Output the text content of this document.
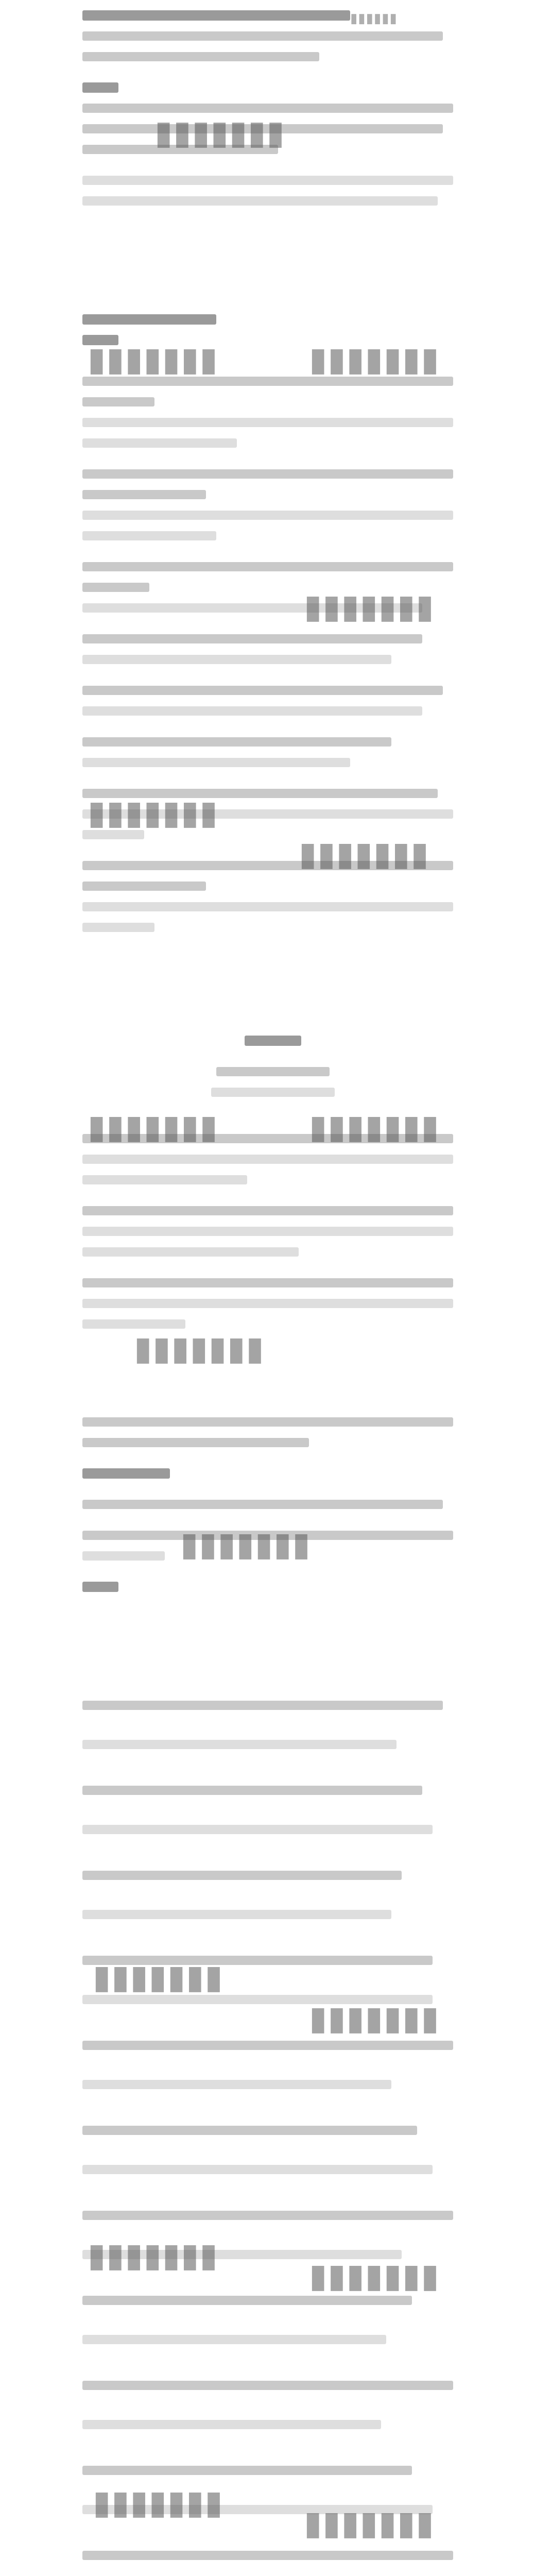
▮▮▮▮▮▮▮
▮▮▮▮▮▮
▮▮▮▮▮▮▮	▮▮▮▮▮▮▮
▮▮▮▮▮▮▮
▮▮▮▮▮▮▮
▮▮▮▮▮▮▮
▮▮▮▮▮▮▮	▮▮▮▮▮▮▮
▮▮▮▮▮▮▮
▮▮▮▮▮▮▮
▮▮▮▮▮▮▮
▮▮▮▮▮▮▮
▮▮▮▮▮▮▮
▮▮▮▮▮▮▮
▮▮▮▮▮▮▮
▮▮▮▮▮▮▮
